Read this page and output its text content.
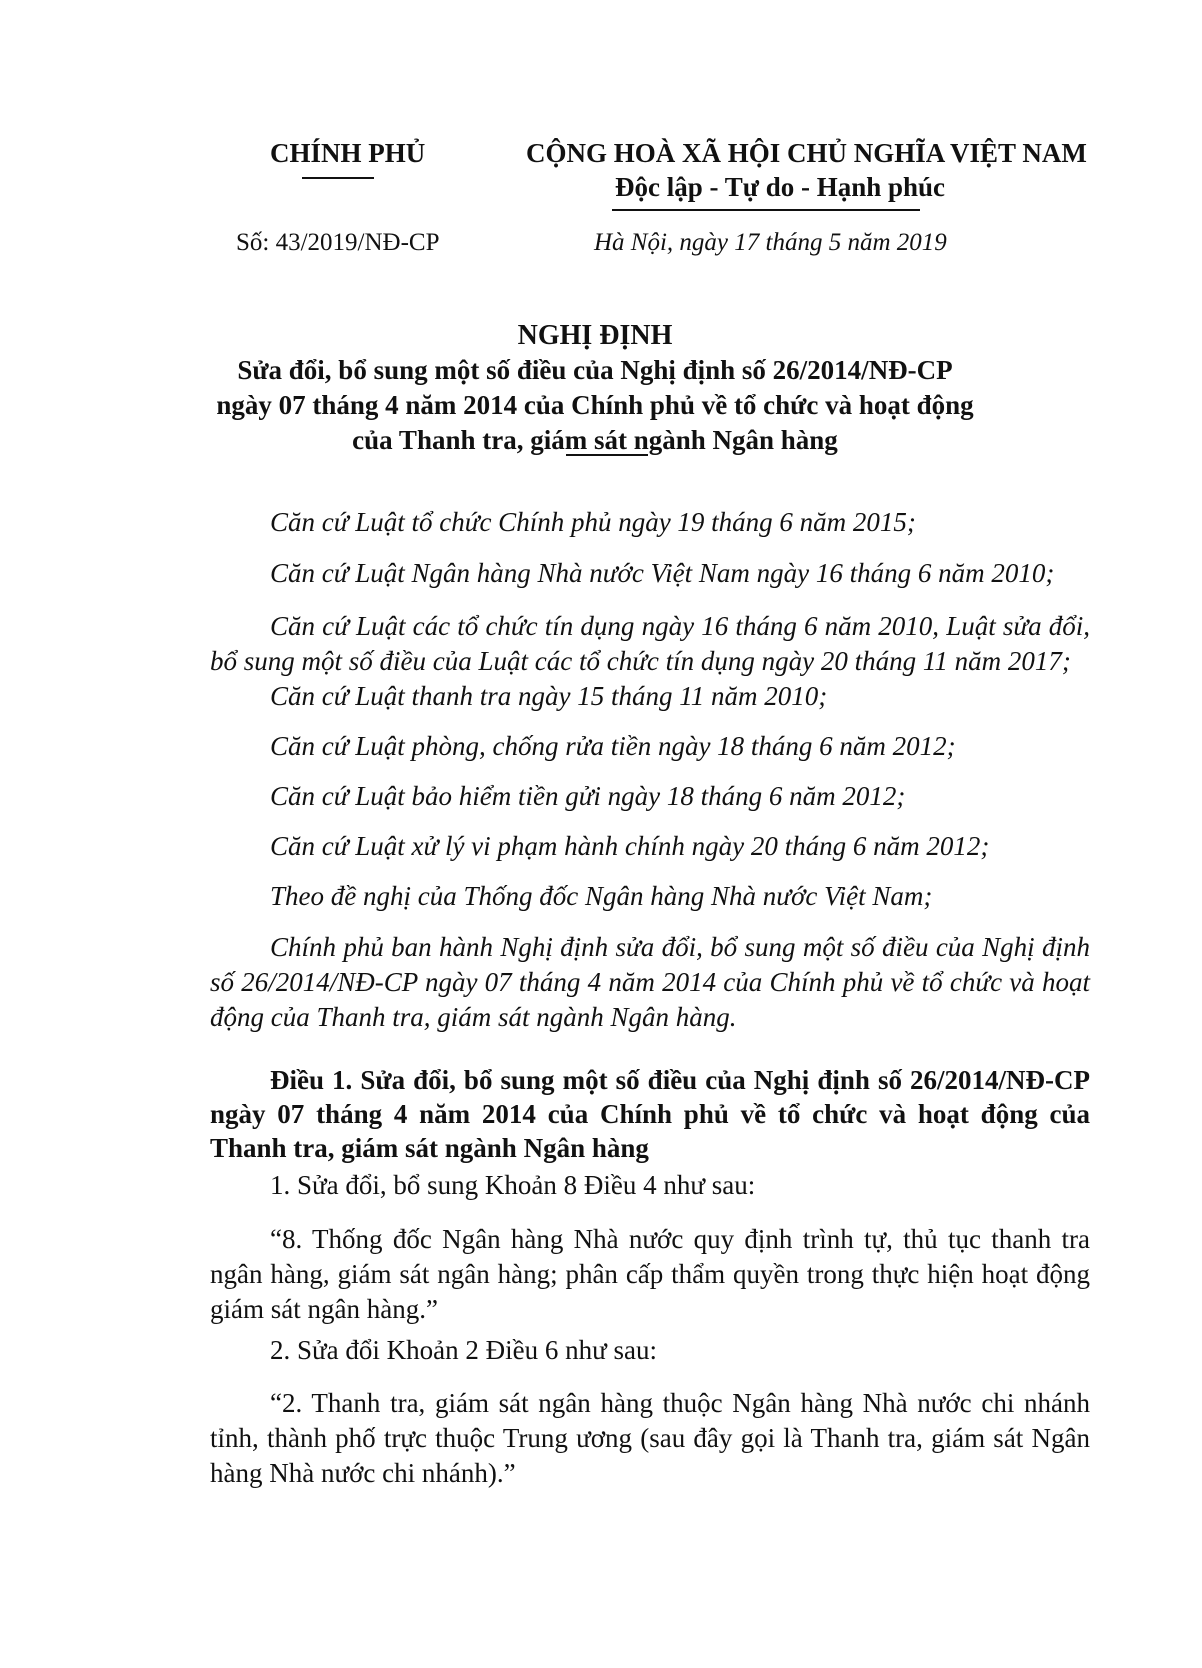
CHÍNH PHỦ	CỘNG HOÀ XÃ HỘI CHỦ NGHĨA VIỆT NAM
Độc lập - Tự do - Hạnh phúc
Số: 43/2019/NĐ-CP	Hà Nội, ngày 17 tháng 5 năm 2019
NGHỊ ĐỊNH
Sửa đổi, bổ sung một số điều của Nghị định số 26/2014/NĐ-CP
ngày 07 tháng 4 năm 2014 của Chính phủ về tổ chức và hoạt động
của Thanh tra, giám sát ngành Ngân hàng
Căn cứ Luật tổ chức Chính phủ ngày 19 tháng 6 năm 2015;
Căn cứ Luật Ngân hàng Nhà nước Việt Nam ngày 16 tháng 6 năm 2010;
Căn cứ Luật các tổ chức tín dụng ngày 16 tháng 6 năm 2010, Luật sửa đổi, bổ sung một số điều của Luật các tổ chức tín dụng ngày 20 tháng 11 năm 2017;
Căn cứ Luật thanh tra ngày 15 tháng 11 năm 2010;
Căn cứ Luật phòng, chống rửa tiền ngày 18 tháng 6 năm 2012;
Căn cứ Luật bảo hiểm tiền gửi ngày 18 tháng 6 năm 2012;
Căn cứ Luật xử lý vi phạm hành chính ngày 20 tháng 6 năm 2012;
Theo đề nghị của Thống đốc Ngân hàng Nhà nước Việt Nam;
Chính phủ ban hành Nghị định sửa đổi, bổ sung một số điều của Nghị định số 26/2014/NĐ-CP ngày 07 tháng 4 năm 2014 của Chính phủ về tổ chức và hoạt động của Thanh tra, giám sát ngành Ngân hàng.
Điều 1. Sửa đổi, bổ sung một số điều của Nghị định số 26/2014/NĐ-CP ngày 07 tháng 4 năm 2014 của Chính phủ về tổ chức và hoạt động của Thanh tra, giám sát ngành Ngân hàng
1. Sửa đổi, bổ sung Khoản 8 Điều 4 như sau:
“8. Thống đốc Ngân hàng Nhà nước quy định trình tự, thủ tục thanh tra ngân hàng, giám sát ngân hàng; phân cấp thẩm quyền trong thực hiện hoạt động giám sát ngân hàng.”
2. Sửa đổi Khoản 2 Điều 6 như sau:
“2. Thanh tra, giám sát ngân hàng thuộc Ngân hàng Nhà nước chi nhánh tỉnh, thành phố trực thuộc Trung ương (sau đây gọi là Thanh tra, giám sát Ngân hàng Nhà nước chi nhánh).”
